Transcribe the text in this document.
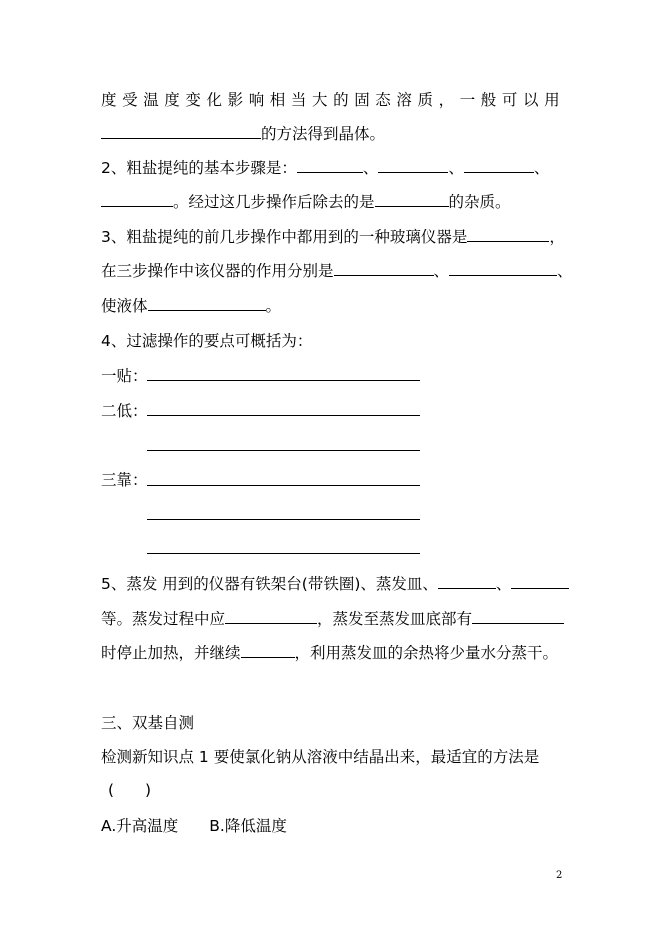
度受温度变化影响相当大的固态溶质，一般可以用
的方法得到晶体。
2、粗盐提纯的基本步骤是：	、	、	、
。经过这几步操作后除去的是	的杂质。
3、粗盐提纯的前几步操作中都用到的一种玻璃仪器是	，
在三步操作中该仪器的作用分别是	、	、
使液体	。
4、过滤操作的要点可概括为：
一贴：
二低：
三靠：
5、蒸发 用到的仪器有铁架台(带铁圈)、蒸发皿、	、
等。蒸发过程中应	，蒸发至蒸发皿底部有
时停止加热，并继续	，利用蒸发皿的余热将少量水分蒸干。
三、双基自测
检测新知识点 1 要使氯化钠从溶液中结晶出来，最适宜的方法是
(　　)
A.升高温度　　B.降低温度
2
